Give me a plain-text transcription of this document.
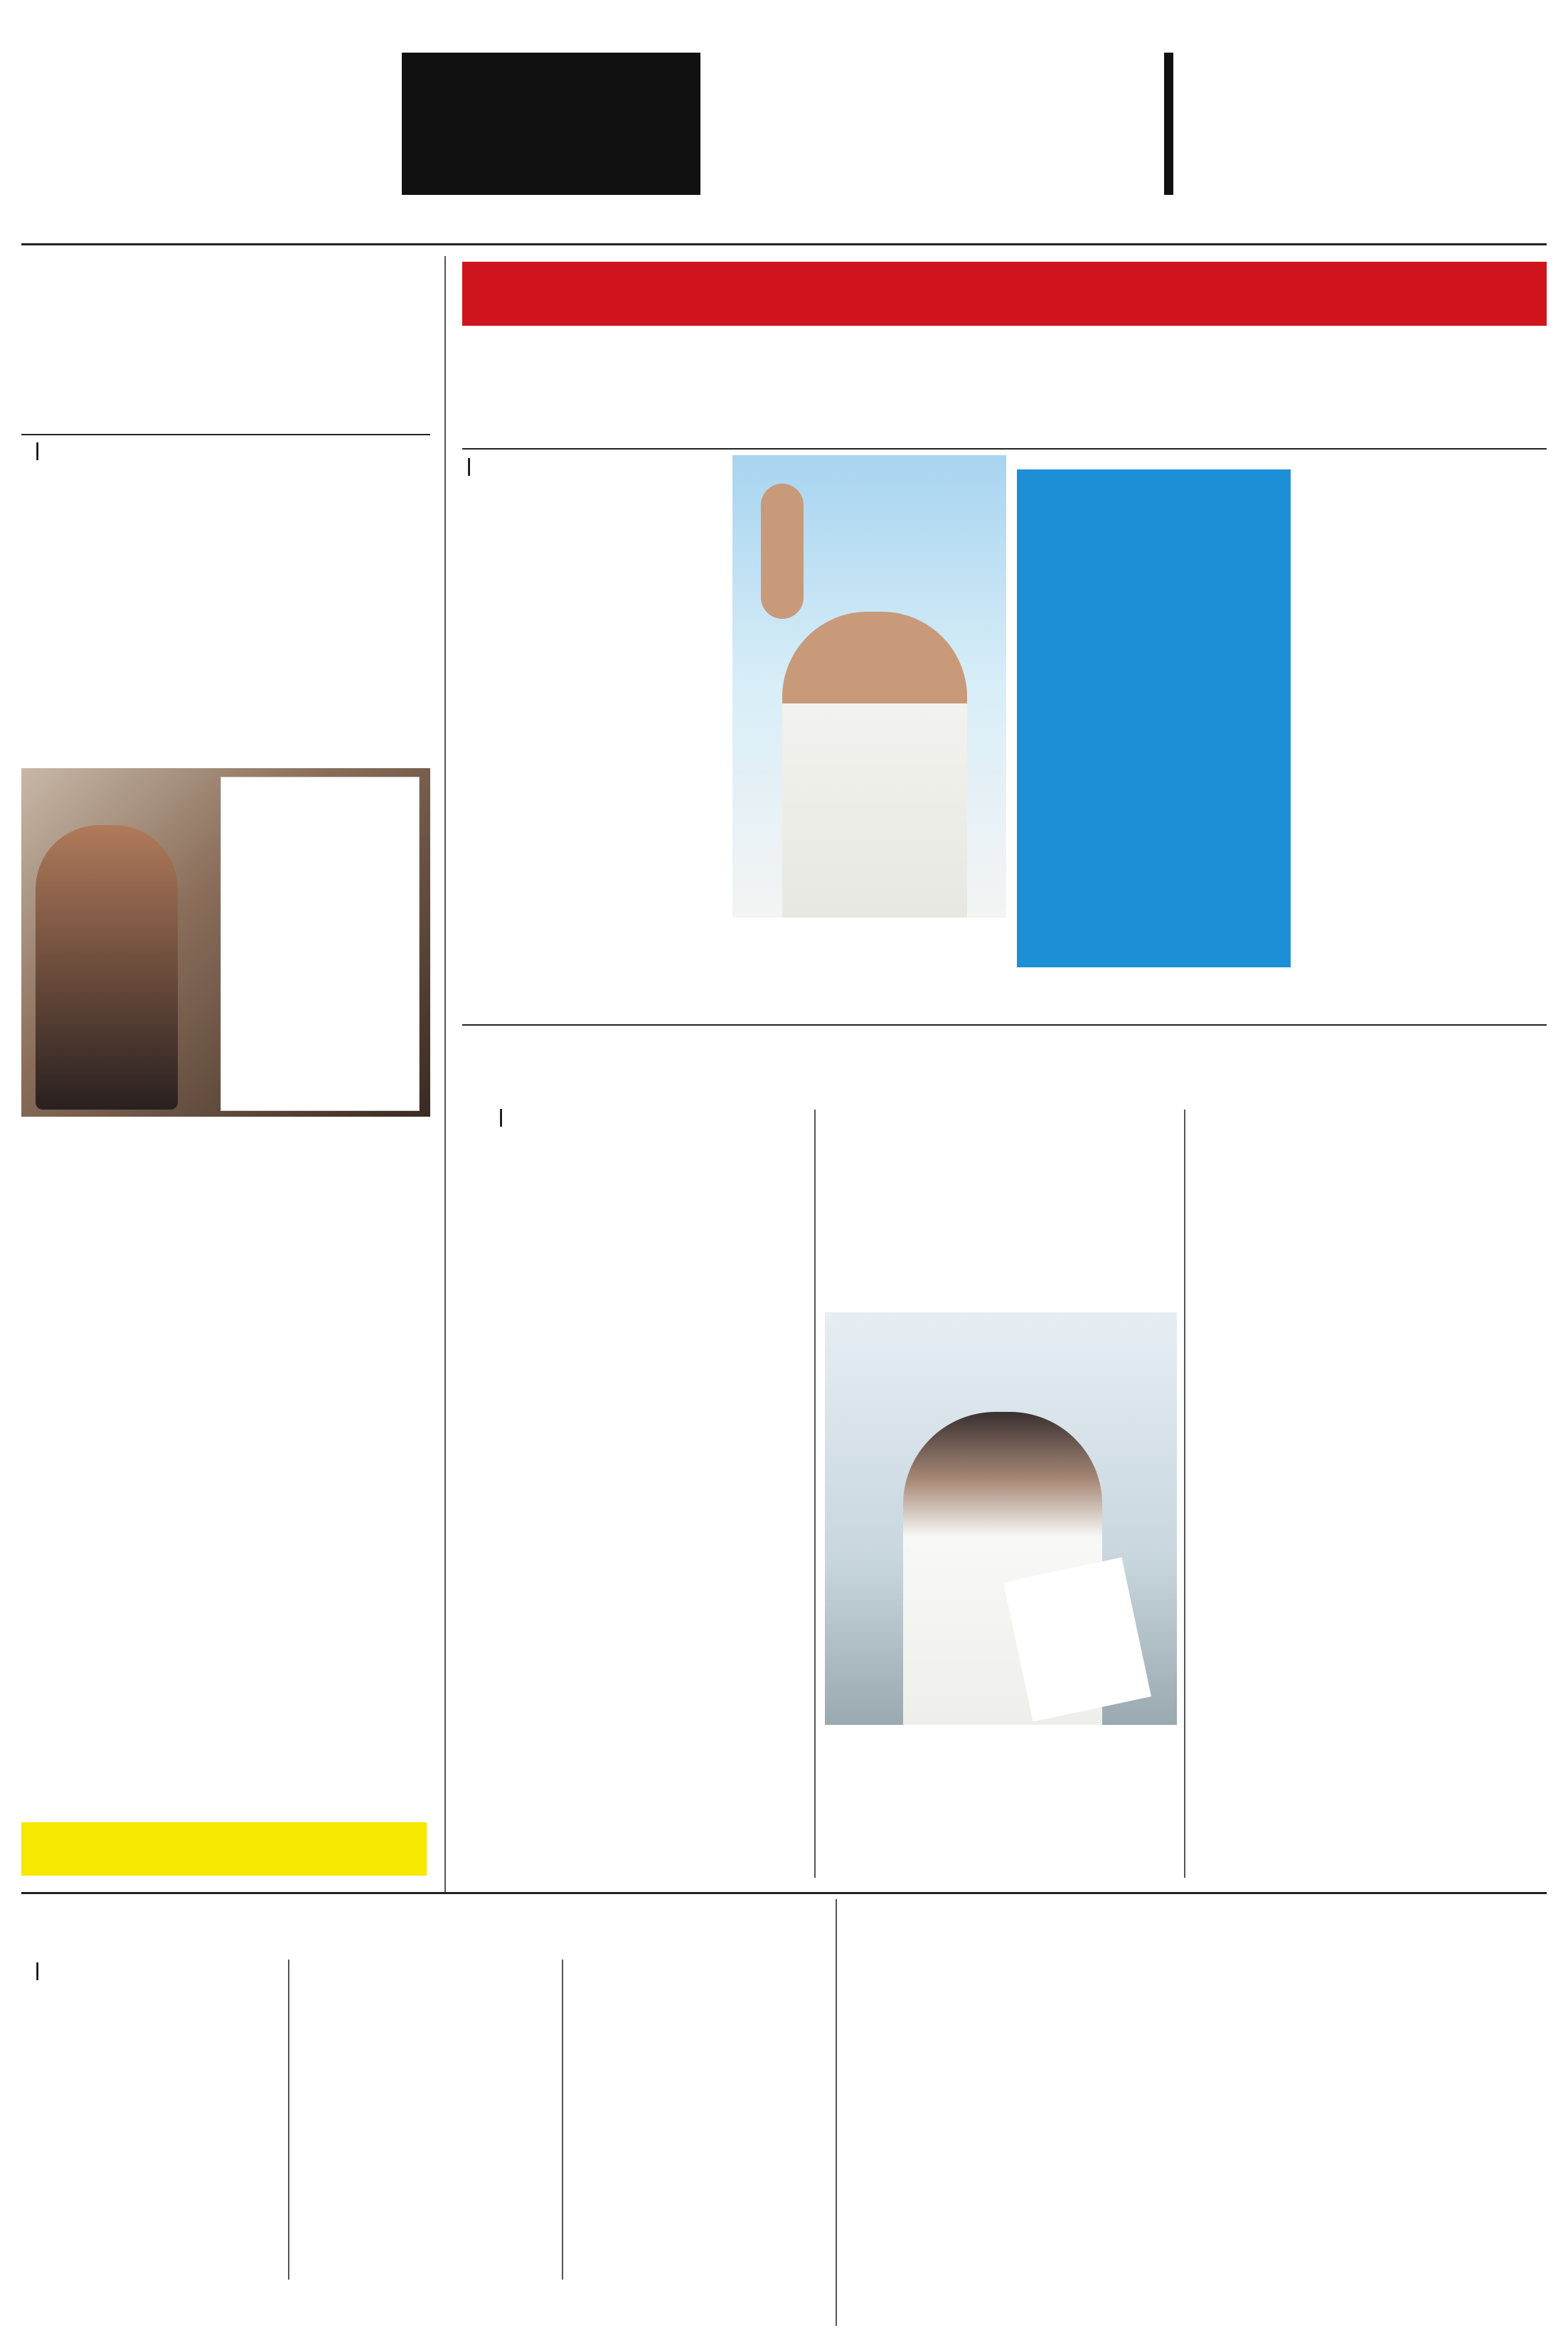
|
|
|
|
